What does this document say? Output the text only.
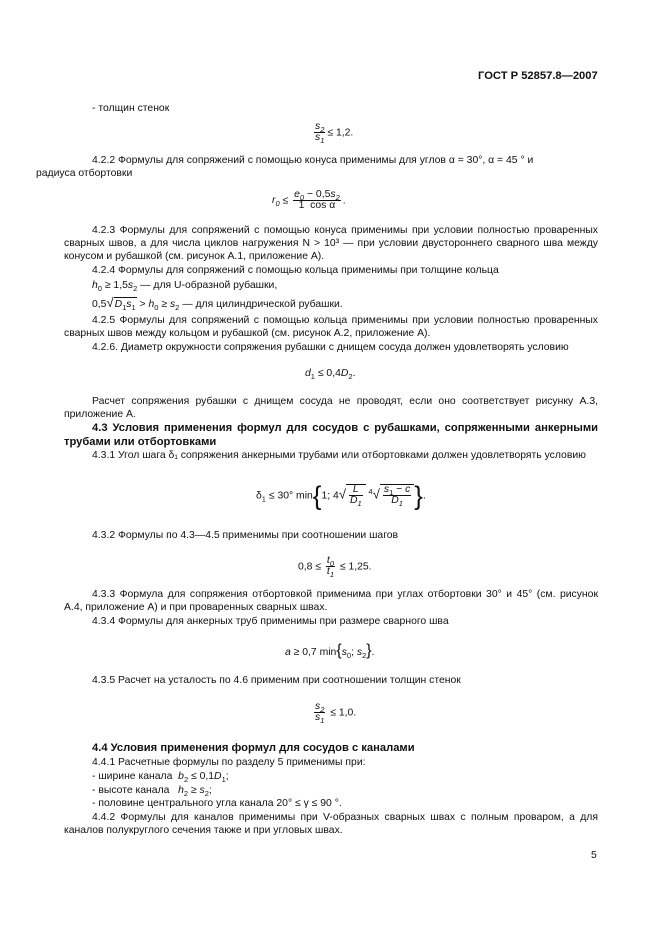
ГОСТ Р 52857.8—2007
- толщин стенок
$\frac{s_2}{s_1} \le 1,2$.
4.2.2 Формулы для сопряжений с помощью конуса применимы для углов α = 30°, α = 45 ° и
радиуса отбортовки
$r_0 \le \frac{e_0 - 0,5s_2}{\text{1  cos α}}$ .
4.2.3 Формулы для сопряжений с помощью конуса применимы при условии полностью проваренных сварных швов, а для числа циклов нагружения N > 10³ — при условии двустороннего сварного шва между конусом и рубашкой (см. рисунок А.1, приложение А).
4.2.4 Формулы для сопряжений с помощью кольца применимы при толщине кольца
$h_0 \ge 1,5s_2$ — для U-образной рубашки,
$0,5√D_1s_1 > h_0 \ge s_2$ — для цилиндрической рубашки.
4.2.5 Формулы для сопряжений с помощью кольца применимы при условии полностью проваренных сварных швов между кольцом и рубашкой (см. рисунок А.2, приложение А).
4.2.6. Диаметр окружности сопряжения рубашки с днищем сосуда должен удовлетворять условию
$d_1 \le 0,4D_2$.
Расчет сопряжения рубашки с днищем сосуда не проводят, если оно соответствует рисунку А.3, приложение А.
4.3 Условия применения формул для сосудов с рубашками, сопряженными анкерными трубами или отбортовками
4.3.1 Угол шага δ₁ сопряжения анкерными трубами или отбортовками должен удовлетворять условию
$\delta_1 \le 30^\circ$ min{1; $4√ \frac{L}{D_1} ^4√ \frac{s_1 - c}{D_1}$ }.
4.3.2 Формулы по 4.3—4.5 применимы при соотношении шагов
$0,8 \le \frac{t_0}{t_1} \le 1,25$.
4.3.3 Формула для сопряжения отбортовкой применима при углах отбортовки 30° и 45° (см. рисунок А.4, приложение А) и при проваренных сварных швах.
4.3.4 Формулы для анкерных труб применимы при размере сварного шва
a ≥ 0,7 $\min\{s_0$; $s_2$}.
4.3.5 Расчет на усталость по 4.6 применим при соотношении толщин стенок
$\frac{s_2}{s_1} \le 1,0$.
4.4 Условия применения формул для сосудов с каналами
4.4.1 Расчетные формулы по разделу 5 применимы при:
- ширине канала $b_2 \le 0,1D_1$;
- высоте канала $h_2 \ge s_2$;
- половине центрального угла канала 20° ≤ γ ≤ 90 °.
4.4.2 Формулы для каналов применимы при V-образных сварных швах с полным проваром, а для каналов полукруглого сечения также и при угловых швах.
5
